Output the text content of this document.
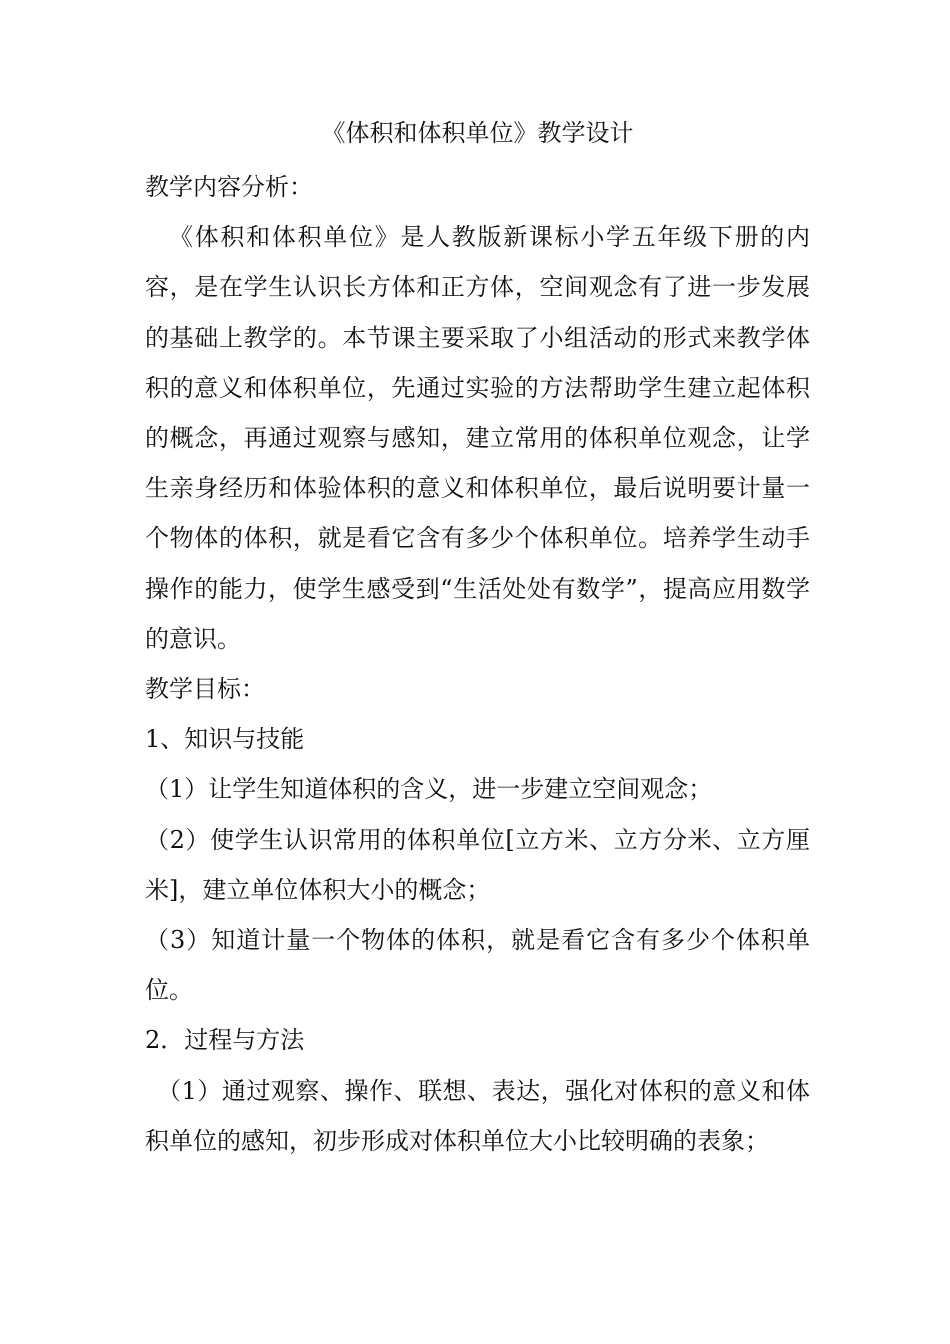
《体积和体积单位》教学设计

教学内容分析：

《体积和体积单位》是人教版新课标小学五年级下册的内容，是在学生认识长方体和正方体，空间观念有了进一步发展的基础上教学的。本节课主要采取了小组活动的形式来教学体积的意义和体积单位，先通过实验的方法帮助学生建立起体积的概念，再通过观察与感知，建立常用的体积单位观念，让学生亲身经历和体验体积的意义和体积单位，最后说明要计量一个物体的体积，就是看它含有多少个体积单位。培养学生动手操作的能力，使学生感受到“生活处处有数学”，提高应用数学的意识。

教学目标：

1、知识与技能

（1）让学生知道体积的含义，进一步建立空间观念；

（2）使学生认识常用的体积单位[立方米、立方分米、立方厘米]，建立单位体积大小的概念；

（3）知道计量一个物体的体积，就是看它含有多少个体积单位。

2．过程与方法

（1）通过观察、操作、联想、表达，强化对体积的意义和体积单位的感知，初步形成对体积单位大小比较明确的表象；
